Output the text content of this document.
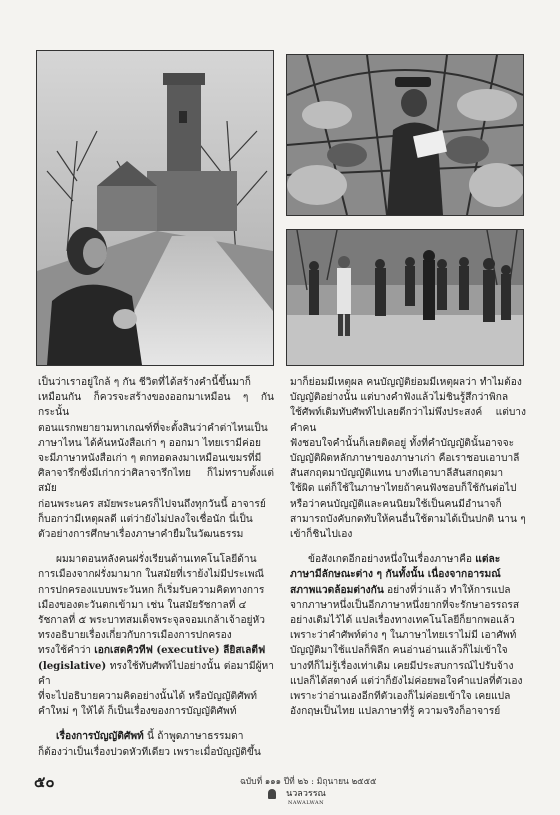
เป็นว่าเราอยู่ใกล้ ๆ กัน ชีวิตที่ได้สร้างคำนี้ขึ้นมาก็

เหมือนกัน ก็ควรจะสร้างของออกมาเหมือน ๆ กันกระนั้น

ตอนแรกพยายามหาเกณฑ์ที่จะตั้งสินว่าคำต่าไหนเป็น

ภาษาไหน ได้ค้นหนังสือเก่า ๆ ออกมา ไทยเรามีค่อย

จะมีภาษาหนังสือเก่า ๆ ตกทอดลงมาเหมือนเขมรที่มี

ศิลาจารึกซึ่งมีเก่ากว่าศิลาจารึกไทย ก็ไม่ทราบตั้งแต่สมัย

ก่อนพระนคร สมัยพระนครก็ไปจนถึงทุกวันนี้ อาจารย์

ก็บอกว่ามีเหตุผลดี แต่ว่ายังไม่ปลงใจเชื่อนัก นี่เป็น

ตัวอย่างการศึกษาเรื่องภาษาคำยืมในวัฒนธรรม

ผมมาตอนหลังคนฝรั่งเรียนด้านเทคโนโลยีด้าน

การเมืองจากฝรั่งมามาก ในสมัยที่เราย้งไม่มีประเพณี

การปกครองแบบพระวันหก ก็เริ่มรับความคิดทางการ

เมืองของตะวันตกเข้ามา เช่น ในสมัยรัชกาลที่ ๔

รัชกาลที่ ๕ พระบาทสมเด็จพระจุลจอมเกล้าเจ้าอยู่หัว

ทรงอธิบายเรื่องเกี่ยวกับการเมืองการปกครอง

ทรงใช้คำว่า เอกเสดคิวทีฟ (executive) ลียิสเลตีฟ

(legislative) ทรงใช้ทับศัพท์ไปอย่างนั้น ต่อมามีผู้หาคำ

ที่จะไปอธิบายความคิดอย่างนั้นได้ หรือบัญญัติศัพท์

คำใหม่ ๆ ให้ได้ ก็เป็นเรื่องของการบัญญัติศัพท์

เรื่องการบัญญัติศัพท์ นี้ ถ้าพูดภาษาธรรมดา

ก็ต้องว่าเป็นเรื่องปวดหัวทีเดียว เพราะเมื่อบัญญัติขึ้น

มาก็ย่อมมีเหตุผล คนบัญญัติย่อมมีเหตุผลว่า ทำไมต้อง

บัญญัติอย่างนั้น แต่บางคำฟังแล้วไม่ชินรู้สึกว่าพิกล

ใช้ศัพท์เดิมทับศัพท์ไปเลยดีกว่าไม่พึงประสงค์ แต่บางคำคน

ฟังชอบใจคำนั้นก็เลยติดอยู่ ทั้งที่คำบัญญัตินั้นอาจจะ

บัญญัติผิดหลักภาษาของภาษาเก่า คือเราชอบเอาบาลี

สันสกฤตมาบัญญัติแทน บางทีเอาบาลีสันสกฤตมา

ใช้ผิด แต่ก็ใช้ในภาษาไทยถ้าคนฟังชอบก็ใช้กันต่อไป

หรือว่าคนบัญญัติและคนนิยมใช้เป็นคนมีอำนาจก็

สามารถบังคับกดทับให้คนอื่นใช้ตามได้เป็นปกติ นาน ๆ

เข้าก็ชินไปเอง

ข้อสังเกตอีกอย่างหนึ่งในเรื่องภาษาคือ แต่ละ

ภาษามีลักษณะต่าง ๆ กันทั้งนั้น เนื่องจากอารมณ์

สภาพแวดล้อมต่างกัน อย่างที่ว่าแล้ว ทำให้การแปล

จากภาษาหนึ่งเป็นอีกภาษาหนึ่งยากที่จะรักษาอรรถรส

อย่างเดิมไว้ได้ แปลเรื่องทางเทคโนโลยีก็ยากพอแล้ว

เพราะว่าคำศัพท์ต่าง ๆ ในภาษาไทยเราไม่มี เอาศัพท์

บัญญัติมาใช้แปลก็พิลึก คนอ่านอ่านแล้วก็ไม่เข้าใจ

บางทีก็ไม่รู้เรื่องเท่าเดิม เคยมีประสบการณ์ไปรับจ้าง

แปลก็ได้สตางค์ แต่ว่าก็ยังไม่ค่อยพอใจคำแปลที่ตัวเอง

เพราะว่าอ่านเองอีกทีตัวเองก็ไม่ค่อยเข้าใจ เคยแปล

อังกฤษเป็นไทย แปลภาษาที่รู้ ความจริงก็อาจารย์

๕๐	ฉบับที่ ๑๑๑ ปีที่ ๒๖ : มิถุนายน ๒๕๕๕
นวลวรรณ
NAWALWAN
